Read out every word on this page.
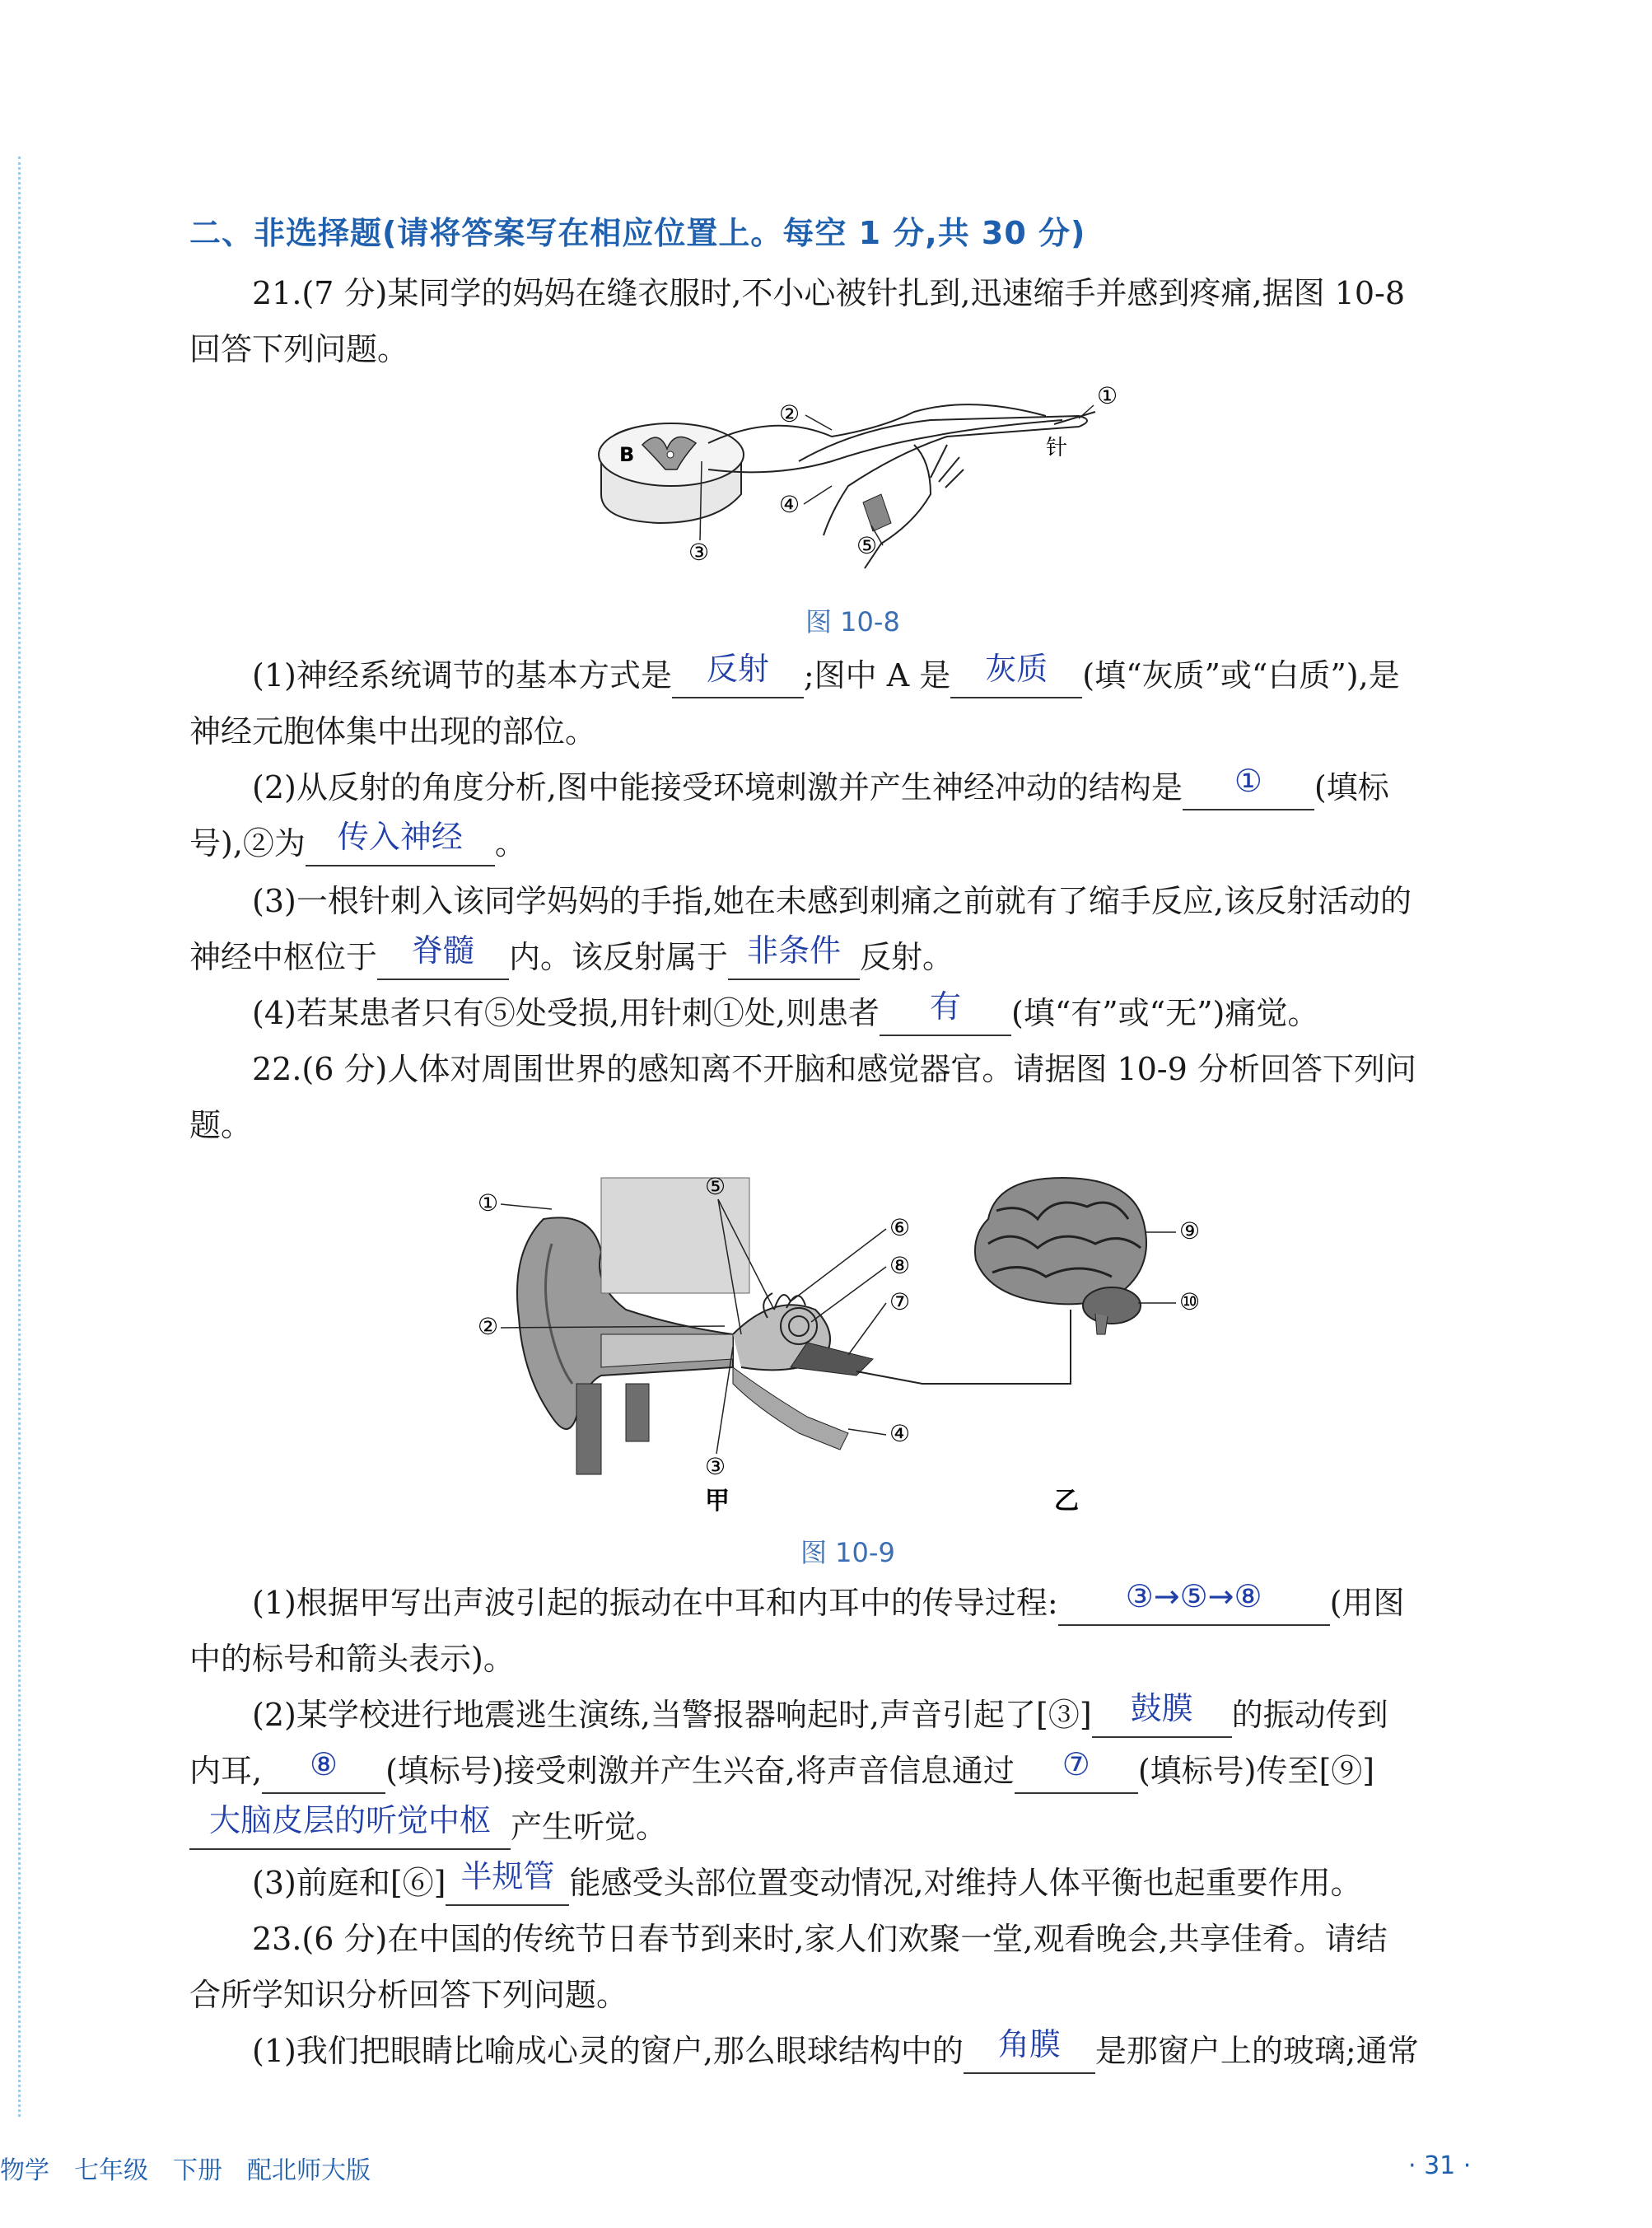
二、非选择题(请将答案写在相应位置上。每空 1 分,共 30 分)

21.(7 分)某同学的妈妈在缝衣服时,不小心被针扎到,迅速缩手并感到疼痛,据图 10-8

回答下列问题。

B	针
①
②
③
④
⑤
图 10-8

(1)神经系统调节的基本方式是 反射 ;图中 A 是 灰质 (填“灰质”或“白质”),是

神经元胞体集中出现的部位。

(2)从反射的角度分析,图中能接受环境刺激并产生神经冲动的结构是 ① (填标

号),②为 传入神经 。

(3)一根针刺入该同学妈妈的手指,她在未感到刺痛之前就有了缩手反应,该反射活动的

神经中枢位于 脊髓 内。该反射属于 非条件 反射。

(4)若某患者只有⑤处受损,用针刺①处,则患者 有 (填“有”或“无”)痛觉。

22.(6 分)人体对周围世界的感知离不开脑和感觉器官。请据图 10-9 分析回答下列问

题。

①
②
③
④
⑤
⑥
⑦
⑧
⑨
⑩
甲	乙
图 10-9

(1)根据甲写出声波引起的振动在中耳和内耳中的传导过程: ③→⑤→⑧ (用图

中的标号和箭头表示)。

(2)某学校进行地震逃生演练,当警报器响起时,声音引起了[③] 鼓膜 的振动传到

内耳, ⑧ (填标号)接受刺激并产生兴奋,将声音信息通过 ⑦ (填标号)传至[⑨]

大脑皮层的听觉中枢 产生听觉。

(3)前庭和[⑥] 半规管 能感受头部位置变动情况,对维持人体平衡也起重要作用。

23.(6 分)在中国的传统节日春节到来时,家人们欢聚一堂,观看晚会,共享佳肴。请结

合所学知识分析回答下列问题。

(1)我们把眼睛比喻成心灵的窗户,那么眼球结构中的 角膜 是那窗户上的玻璃;通常

物学 七年级 下册 配北师大版	· 31 ·
